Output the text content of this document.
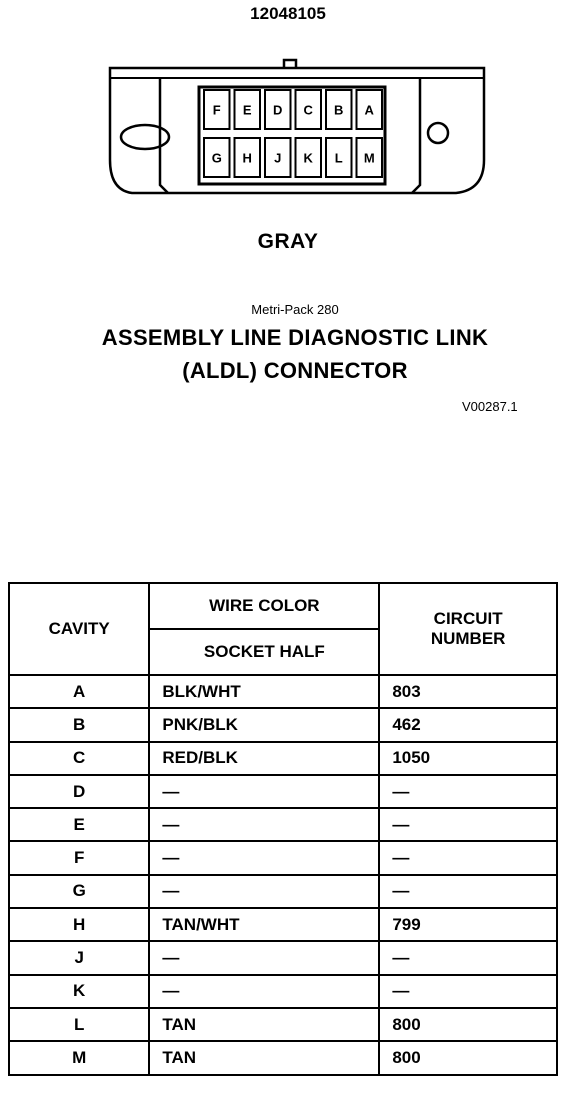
12048105
F E D C B A
G H J K L M
GRAY
Metri-Pack 280
ASSEMBLY LINE DIAGNOSTIC LINK
(ALDL) CONNECTOR
V00287.1
CAVITY	WIRE COLOR	CIRCUIT NUMBER
	SOCKET HALF	
A	BLK/WHT	803
B	PNK/BLK	462
C	RED/BLK	1050
D	—	—
E	—	—
F	—	—
G	—	—
H	TAN/WHT	799
J	—	—
K	—	—
L	TAN	800
M	TAN	800
